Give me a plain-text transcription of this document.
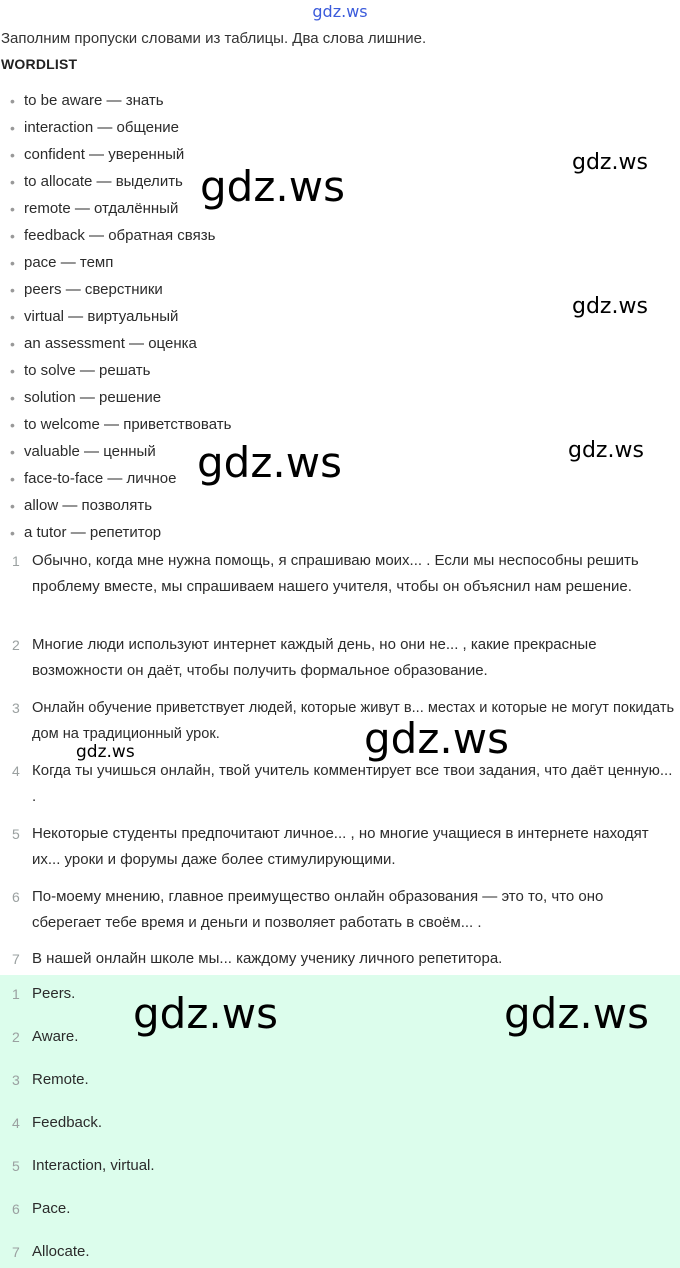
gdz.ws
Заполним пропуски словами из таблицы. Два слова лишние.
WORDLIST
• to be aware — знать
• interaction — общение
• confident — уверенный
• to allocate — выделить
• remote — отдалённый
• feedback — обратная связь
• pace — темп
• peers — сверстники
• virtual — виртуальный
• an assessment — оценка
• to solve — решать
• solution — решение
• to welcome — приветствовать
• valuable — ценный
• face-to-face — личное
• allow — позволять
• a tutor — репетитор
1 Обычно, когда мне нужна помощь, я спрашиваю моих... . Если мы неспособны решить проблему вместе, мы спрашиваем нашего учителя, чтобы он объяснил нам решение.
2 Многие люди используют интернет каждый день, но они не... , какие прекрасные возможности он даёт, чтобы получить формальное образование.
3 Онлайн обучение приветствует людей, которые живут в... местах и которые не могут покидать дом на традиционный урок.
4 Когда ты учишься онлайн, твой учитель комментирует все твои задания, что даёт ценную... .
5 Некоторые студенты предпочитают личное... , но многие учащиеся в интернете находят их... уроки и форумы даже более стимулирующими.
6 По-моему мнению, главное преимущество онлайн образования — это то, что оно сберегает тебе время и деньги и позволяет работать в своём... .
7 В нашей онлайн школе мы... каждому ученику личного репетитора.
1 Peers.
2 Aware.
3 Remote.
4 Feedback.
5 Interaction, virtual.
6 Pace.
7 Allocate.
gdz.ws	gdz.ws
gdz.ws
gdz.ws	gdz.ws
gdz.ws
gdz.ws
gdz.ws	gdz.ws
